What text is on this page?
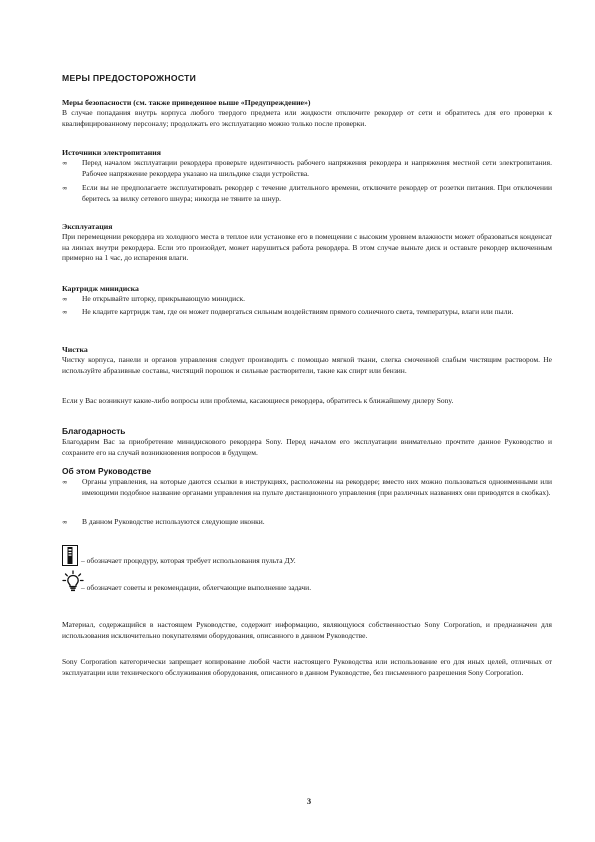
МЕРЫ ПРЕДОСТОРОЖНОСТИ
Меры безопасности (см. также приведенное выше «Предупреждение»)

В случае попадания внутрь корпуса любого твердого предмета или жидкости отключите рекордер от сети и обратитесь для его проверки к квалифицированному персоналу; продолжать его эксплуатацию можно только после проверки.

Источники электропитания
∞	Перед началом эксплуатации рекордера проверьте идентичность рабочего напряжения рекордера и напряжения местной сети электропитания. Рабочее напряжение рекордера указано на шильдике сзади устройства.
∞	Если вы не предполагаете эксплуатировать рекордер с течение длительного времени, отключите рекордер от розетки питания. При отключении беритесь за вилку сетевого шнура; никогда не тяните за шнур.
Эксплуатация

При перемещении рекордера из холодного места в теплое или установке его в помещении с высоким уровнем влажности может образоваться конденсат на линзах внутри рекордера. Если это произойдет, может нарушиться работа рекордера. В этом случае выньте диск и оставьте рекордер включенным примерно на 1 час, до испарения влаги.

Картридж минидиска
∞	Не открывайте шторку, прикрывающую минидиск.
∞	Не кладите картридж там, где он может подвергаться сильным воздействиям прямого солнечного света, температуры, влаги или пыли.
Чистка

Чистку корпуса, панели и органов управления следует производить с помощью мягкой ткани, слегка смоченной слабым чистящим раствором. Не используйте абразивные составы, чистящий порошок и сильные растворители, такие как спирт или бензин.

Если у Вас возникнут какие-либо вопросы или проблемы, касающиеся рекордера, обратитесь к ближайшему дилеру Sony.

Благодарность

Благодарим Вас за приобретение минидискового рекордера Sony. Перед началом его эксплуатации внимательно прочтите данное Руководство и сохраните его на случай возникновения вопросов в будущем.

Об этом Руководстве
∞	Органы управления, на которые даются ссылки в инструкциях, расположены на рекордере; вместо них можно пользоваться одноименными или имеющими подобное название органами управления на пульте дистанционного управления (при различных названиях они приводятся в скобках).
∞	В данном Руководстве используются следующие иконки.
– обозначает процедуру, которая требует использования пульта ДУ.
– обозначает советы и рекомендации, облегчающие выполнение задачи.

Материал, содержащийся в настоящем Руководстве, содержит информацию, являющуюся собственностью Sony Corporation, и предназначен для использования исключительно покупателями оборудования, описанного в данном Руководстве.

Sony Corporation категорически запрещает копирование любой части настоящего Руководства или использование его для иных целей, отличных от эксплуатации или технического обслуживания оборудования, описанного в данном Руководстве, без письменного разрешения Sony Corporation.

3
